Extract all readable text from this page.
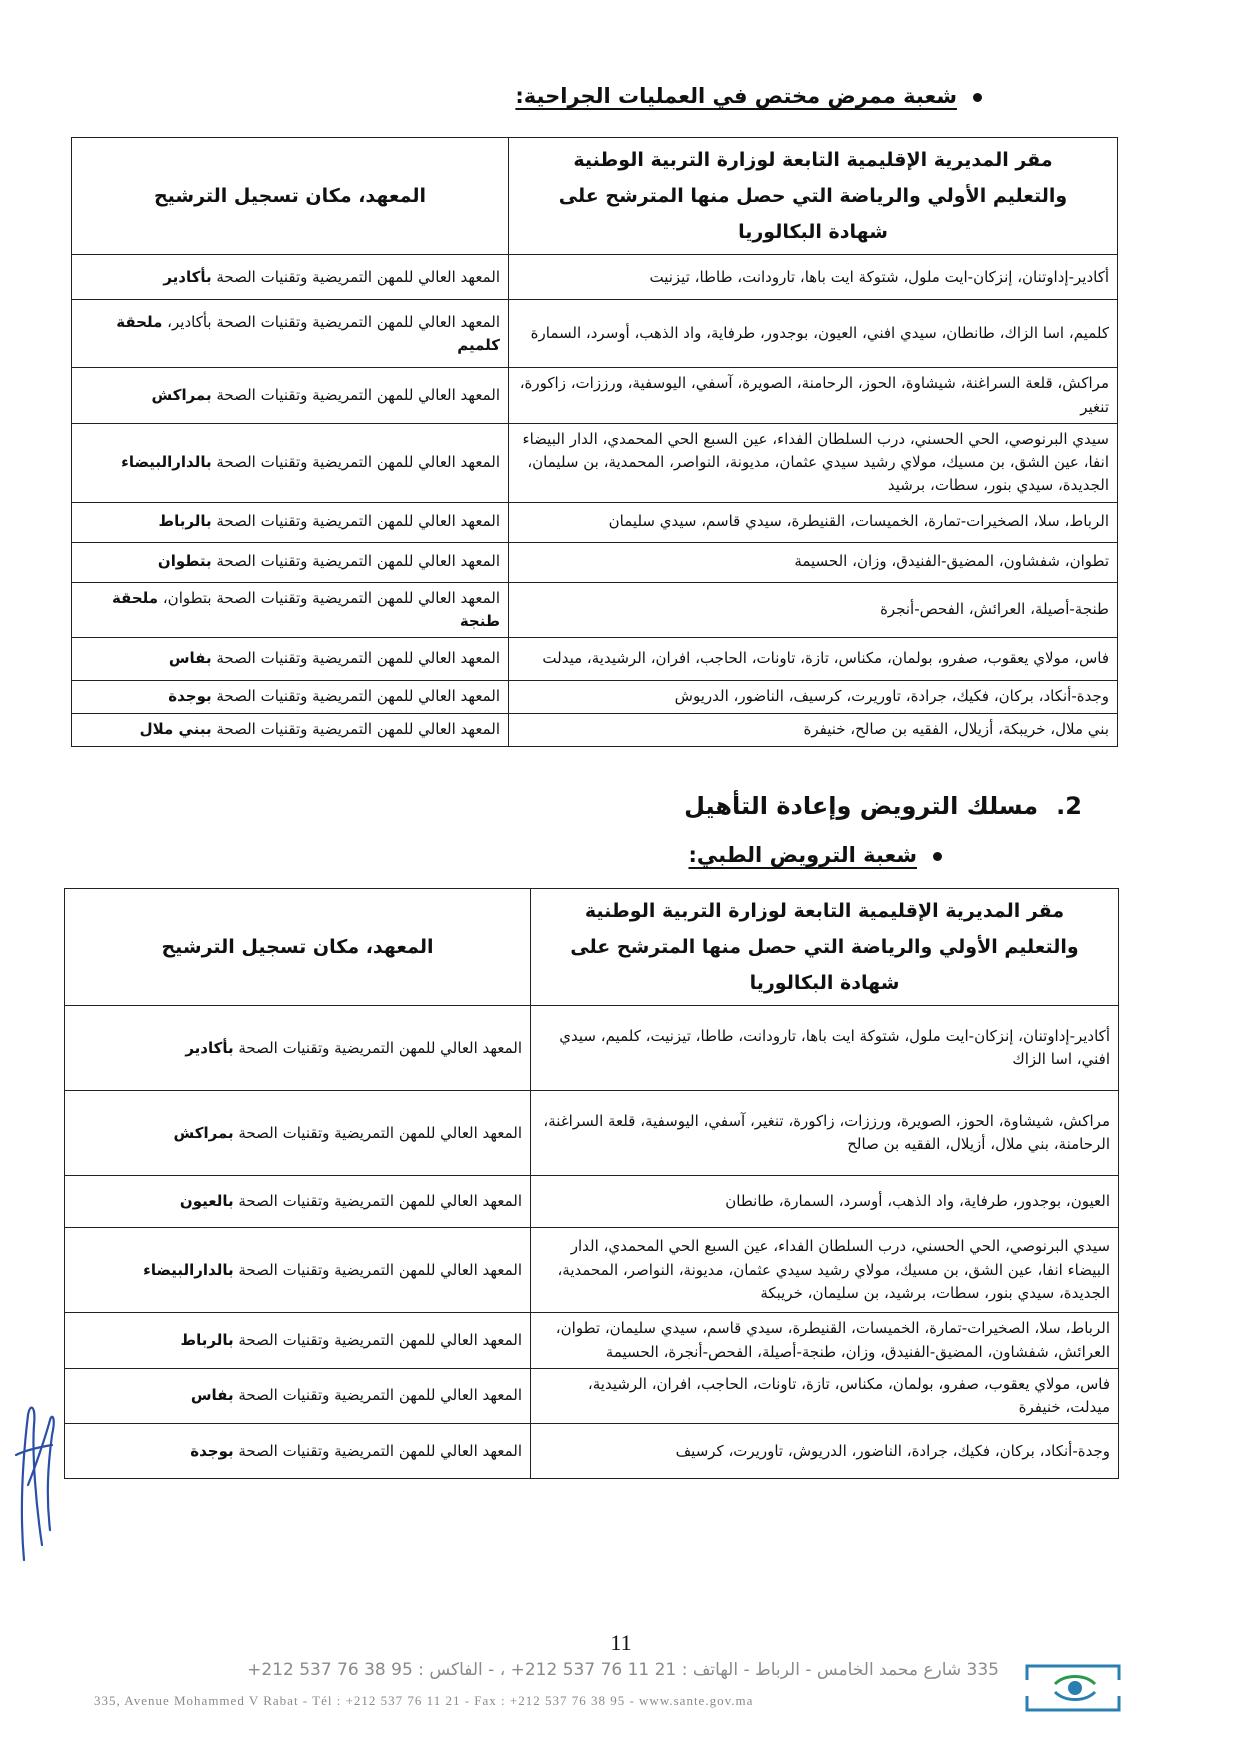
شعبة ممرض مختص في العمليات الجراحية:
مقر المديرية الإقليمية التابعة لوزارة التربية الوطنية والتعليم الأولي والرياضة التي حصل منها المترشح على شهادة البكالوريا	المعهد، مكان تسجيل الترشيح
أكادير-إداوتنان، إنزكان-ايت ملول، شتوكة ايت باها، تارودانت، طاطا، تيزنيت	المعهد العالي للمهن التمريضية وتقنيات الصحة بأكادير
كلميم، اسا الزاك، طانطان، سيدي افني، العيون، بوجدور، طرفاية، واد الذهب، أوسرد، السمارة	المعهد العالي للمهن التمريضية وتقنيات الصحة بأكادير، ملحقة كلميم
مراكش، قلعة السراغنة، شيشاوة، الحوز، الرحامنة، الصويرة، آسفي، اليوسفية، ورززات، زاكورة، تنغير	المعهد العالي للمهن التمريضية وتقنيات الصحة بمراكش
سيدي البرنوصي، الحي الحسني، درب السلطان الفداء، عين السبع الحي المحمدي، الدار البيضاء انفا، عين الشق، بن مسيك، مولاي رشيد سيدي عثمان، مديونة، النواصر، المحمدية، بن سليمان، الجديدة، سيدي بنور، سطات، برشيد	المعهد العالي للمهن التمريضية وتقنيات الصحة بالدارالبيضاء
الرباط، سلا، الصخيرات-تمارة، الخميسات، القنيطرة، سيدي قاسم، سيدي سليمان	المعهد العالي للمهن التمريضية وتقنيات الصحة بالرباط
تطوان، شفشاون، المضيق-الفنيدق، وزان، الحسيمة	المعهد العالي للمهن التمريضية وتقنيات الصحة بتطوان
طنجة-أصيلة، العرائش، الفحص-أنجرة	المعهد العالي للمهن التمريضية وتقنيات الصحة بتطوان، ملحقة طنجة
فاس، مولاي يعقوب، صفرو، بولمان، مكناس، تازة، تاونات، الحاجب، افران، الرشيدية، ميدلت	المعهد العالي للمهن التمريضية وتقنيات الصحة بفاس
وجدة-أنكاد، بركان، فكيك، جرادة، تاوريرت، كرسيف، الناضور، الدريوش	المعهد العالي للمهن التمريضية وتقنيات الصحة بوجدة
بني ملال، خريبكة، أزيلال، الفقيه بن صالح، خنيفرة	المعهد العالي للمهن التمريضية وتقنيات الصحة ببني ملال
2.مسلك الترويض وإعادة التأهيل
شعبة الترويض الطبي:
مقر المديرية الإقليمية التابعة لوزارة التربية الوطنية والتعليم الأولي والرياضة التي حصل منها المترشح على شهادة البكالوريا	المعهد، مكان تسجيل الترشيح
أكادير-إداوتنان، إنزكان-ايت ملول، شتوكة ايت باها، تارودانت، طاطا، تيزنيت، كلميم، سيدي افني، اسا الزاك	المعهد العالي للمهن التمريضية وتقنيات الصحة بأكادير
مراكش، شيشاوة، الحوز، الصويرة، ورززات، زاكورة، تنغير، آسفي، اليوسفية، قلعة السراغنة، الرحامنة، بني ملال، أزيلال، الفقيه بن صالح	المعهد العالي للمهن التمريضية وتقنيات الصحة بمراكش
العيون، بوجدور، طرفاية، واد الذهب، أوسرد، السمارة، طانطان	المعهد العالي للمهن التمريضية وتقنيات الصحة بالعيون
سيدي البرنوصي، الحي الحسني، درب السلطان الفداء، عين السبع الحي المحمدي، الدار البيضاء انفا، عين الشق، بن مسيك، مولاي رشيد سيدي عثمان، مديونة، النواصر، المحمدية، الجديدة، سيدي بنور، سطات، برشيد، بن سليمان، خريبكة	المعهد العالي للمهن التمريضية وتقنيات الصحة بالدارالبيضاء
الرباط، سلا، الصخيرات-تمارة، الخميسات، القنيطرة، سيدي قاسم، سيدي سليمان، تطوان، العرائش، شفشاون، المضيق-الفنيدق، وزان، طنجة-أصيلة، الفحص-أنجرة، الحسيمة	المعهد العالي للمهن التمريضية وتقنيات الصحة بالرباط
فاس، مولاي يعقوب، صفرو، بولمان، مكناس، تازة، تاونات، الحاجب، افران، الرشيدية، ميدلت، خنيفرة	المعهد العالي للمهن التمريضية وتقنيات الصحة بفاس
وجدة-أنكاد، بركان، فكيك، جرادة، الناضور، الدريوش، تاوريرت، كرسيف	المعهد العالي للمهن التمريضية وتقنيات الصحة بوجدة
11
335 شارع محمد الخامس - الرباط - الهاتف : 21 11 76 537 212+ ، - الفاكس : 95 38 76 537 212+
335, Avenue Mohammed V Rabat - Tél : +212 537 76 11 21 - Fax : +212 537 76 38 95 - www.sante.gov.ma
